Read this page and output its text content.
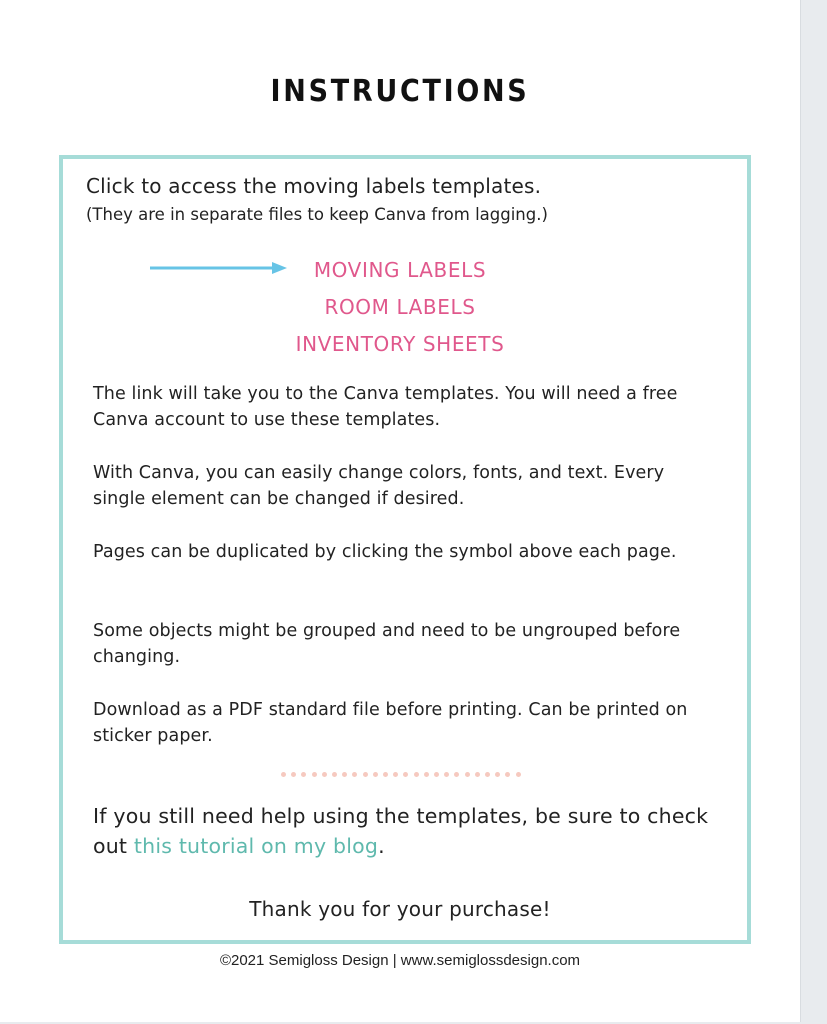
INSTRUCTIONS
Click to access the moving labels templates.
(They are in separate files to keep Canva from lagging.)
MOVING LABELS
ROOM LABELS
INVENTORY SHEETS
The link will take you to the Canva templates. You will need a free Canva account to use these templates.
With Canva, you can easily change colors, fonts, and text. Every single element can be changed if desired.
Pages can be duplicated by clicking the symbol above each page.
Some objects might be grouped and need to be ungrouped before changing.
Download as a PDF standard file before printing. Can be printed on sticker paper.
If you still need help using the templates, be sure to check out this tutorial on my blog.
Thank you for your purchase!
©2021 Semigloss Design | www.semiglossdesign.com
